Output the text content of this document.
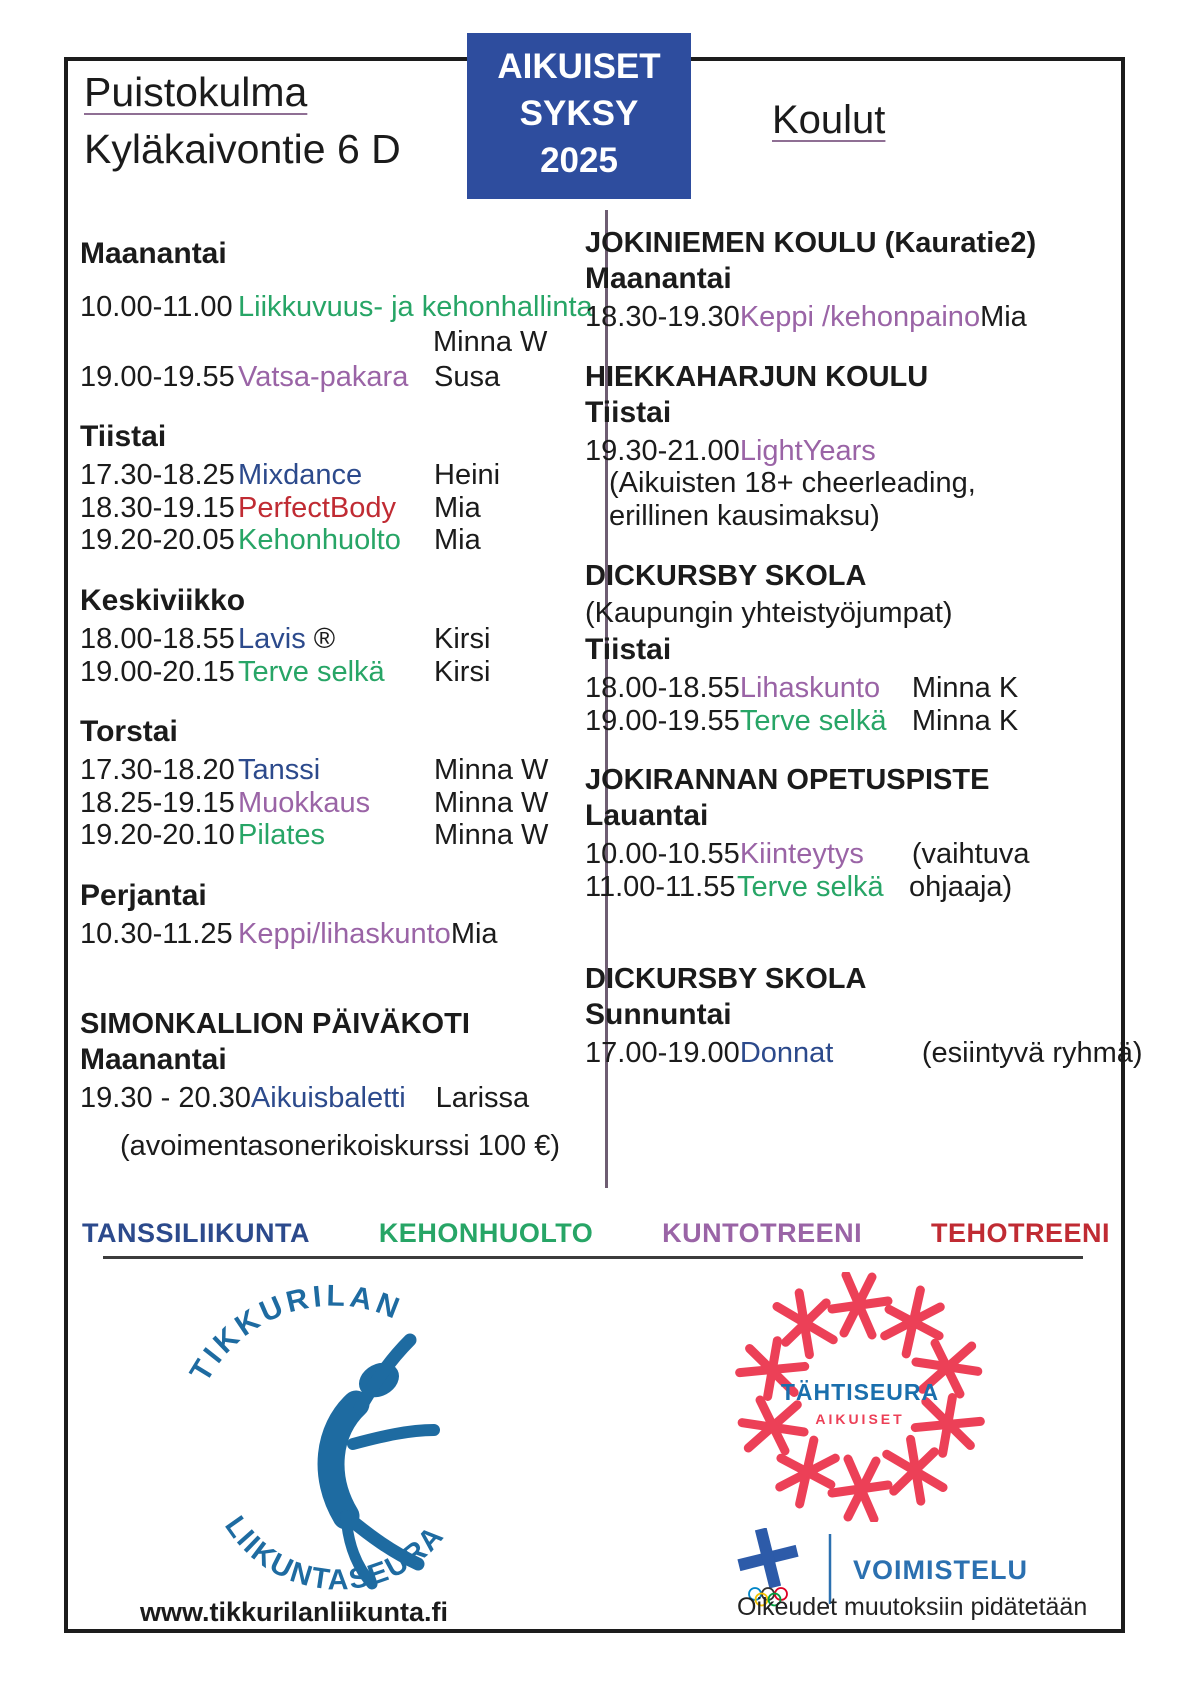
Puistokulma
Kyläkaivontie 6 D
AIKUISET
SYKSY
2025
Koulut
Maanantai
10.00-11.00 Liikkuvuus- ja kehonhallinta
Minna W
19.00-19.55 Vatsa-pakara Susa
Tiistai
17.30-18.25 Mixdance	Heini
18.30-19.15 PerfectBody	Mia
19.20-20.05 Kehonhuolto	Mia
Keskiviikko
18.00-18.55 Lavis ®	Kirsi
19.00-20.15 Terve selkä	Kirsi
Torstai
17.30-18.20 Tanssi	Minna W
18.25-19.15 Muokkaus	Minna W
19.20-20.10 Pilates	Minna W
Perjantai
10.30-11.25 Keppi/lihaskunto Mia
SIMONKALLION PÄIVÄKOTI
Maanantai
19.30 - 20.30 Aikuisbaletti Larissa
(avoimentasonerikoiskurssi 100 €)
JOKINIEMEN KOULU (Kauratie2)
Maanantai
18.30-19.30 Keppi /kehonpaino Mia
HIEKKAHARJUN KOULU
Tiistai
19.30-21.00 LightYears
(Aikuisten 18+ cheerleading,
erillinen kausimaksu)
DICKURSBY SKOLA
(Kaupungin yhteistyöjumpat)
Tiistai
18.00-18.55 Lihaskunto	Minna K
19.00-19.55 Terve selkä Minna K
JOKIRANNAN OPETUSPISTE
Lauantai
10.00-10.55 Kiinteytys	(vaihtuva
11.00-11.55 Terve selkä ohjaaja)
DICKURSBY SKOLA
Sunnuntai
17.00-19.00 Donnat	(esiintyvä ryhmä)
TANSSILIIKUNTA	KEHONHUOLTO	KUNTOTREENI	TEHOTREENI
TIKKURILAN
LIIKUNTASEURA
www.tikkurilanliikunta.fi
TÄHTISEURA
AIKUISET
VOIMISTELU
Oikeudet muutoksiin pidätetään
